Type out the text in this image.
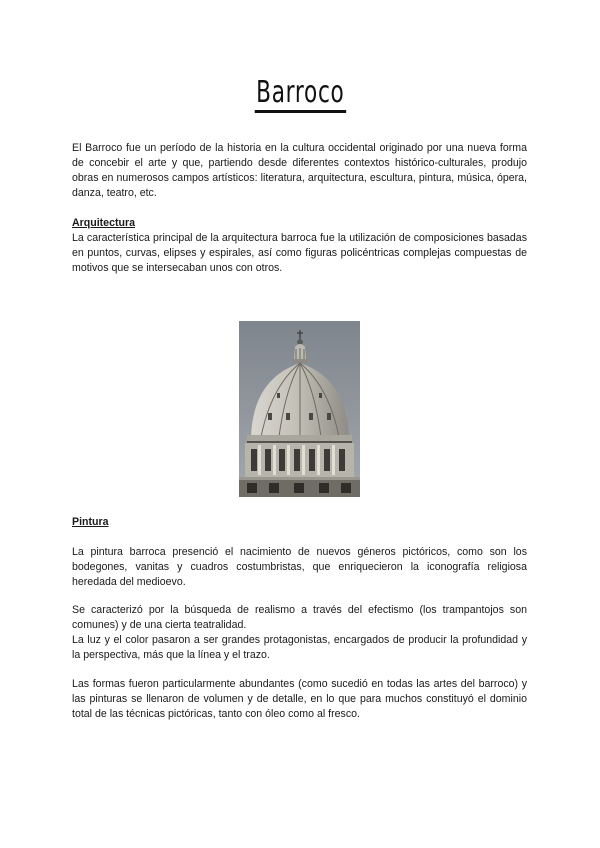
Barroco
El Barroco fue un período de la historia en la cultura occidental originado por una nueva forma de concebir el arte y que, partiendo desde diferentes contextos histórico-culturales, produjo obras en numerosos campos artísticos: literatura, arquitectura, escultura, pintura, música, ópera, danza, teatro, etc.
Arquitectura
La característica principal de la arquitectura barroca fue la utilización de composiciones basadas en puntos, curvas, elipses y espirales, así como figuras policéntricas complejas compuestas de motivos que se intersecaban unos con otros.
Pintura
La pintura barroca presenció el nacimiento de nuevos géneros pictóricos, como son los bodegones, vanitas y cuadros costumbristas, que enriquecieron la iconografía religiosa heredada del medioevo.
Se caracterizó por la búsqueda de realismo a través del efectismo (los trampantojos son comunes) y de una cierta teatralidad.
La luz y el color pasaron a ser grandes protagonistas, encargados de producir la profundidad y la perspectiva, más que la línea y el trazo.
Las formas fueron particularmente abundantes (como sucedió en todas las artes del barroco) y las pinturas se llenaron de volumen y de detalle, en lo que para muchos constituyó el dominio total de las técnicas pictóricas, tanto con óleo como al fresco.
